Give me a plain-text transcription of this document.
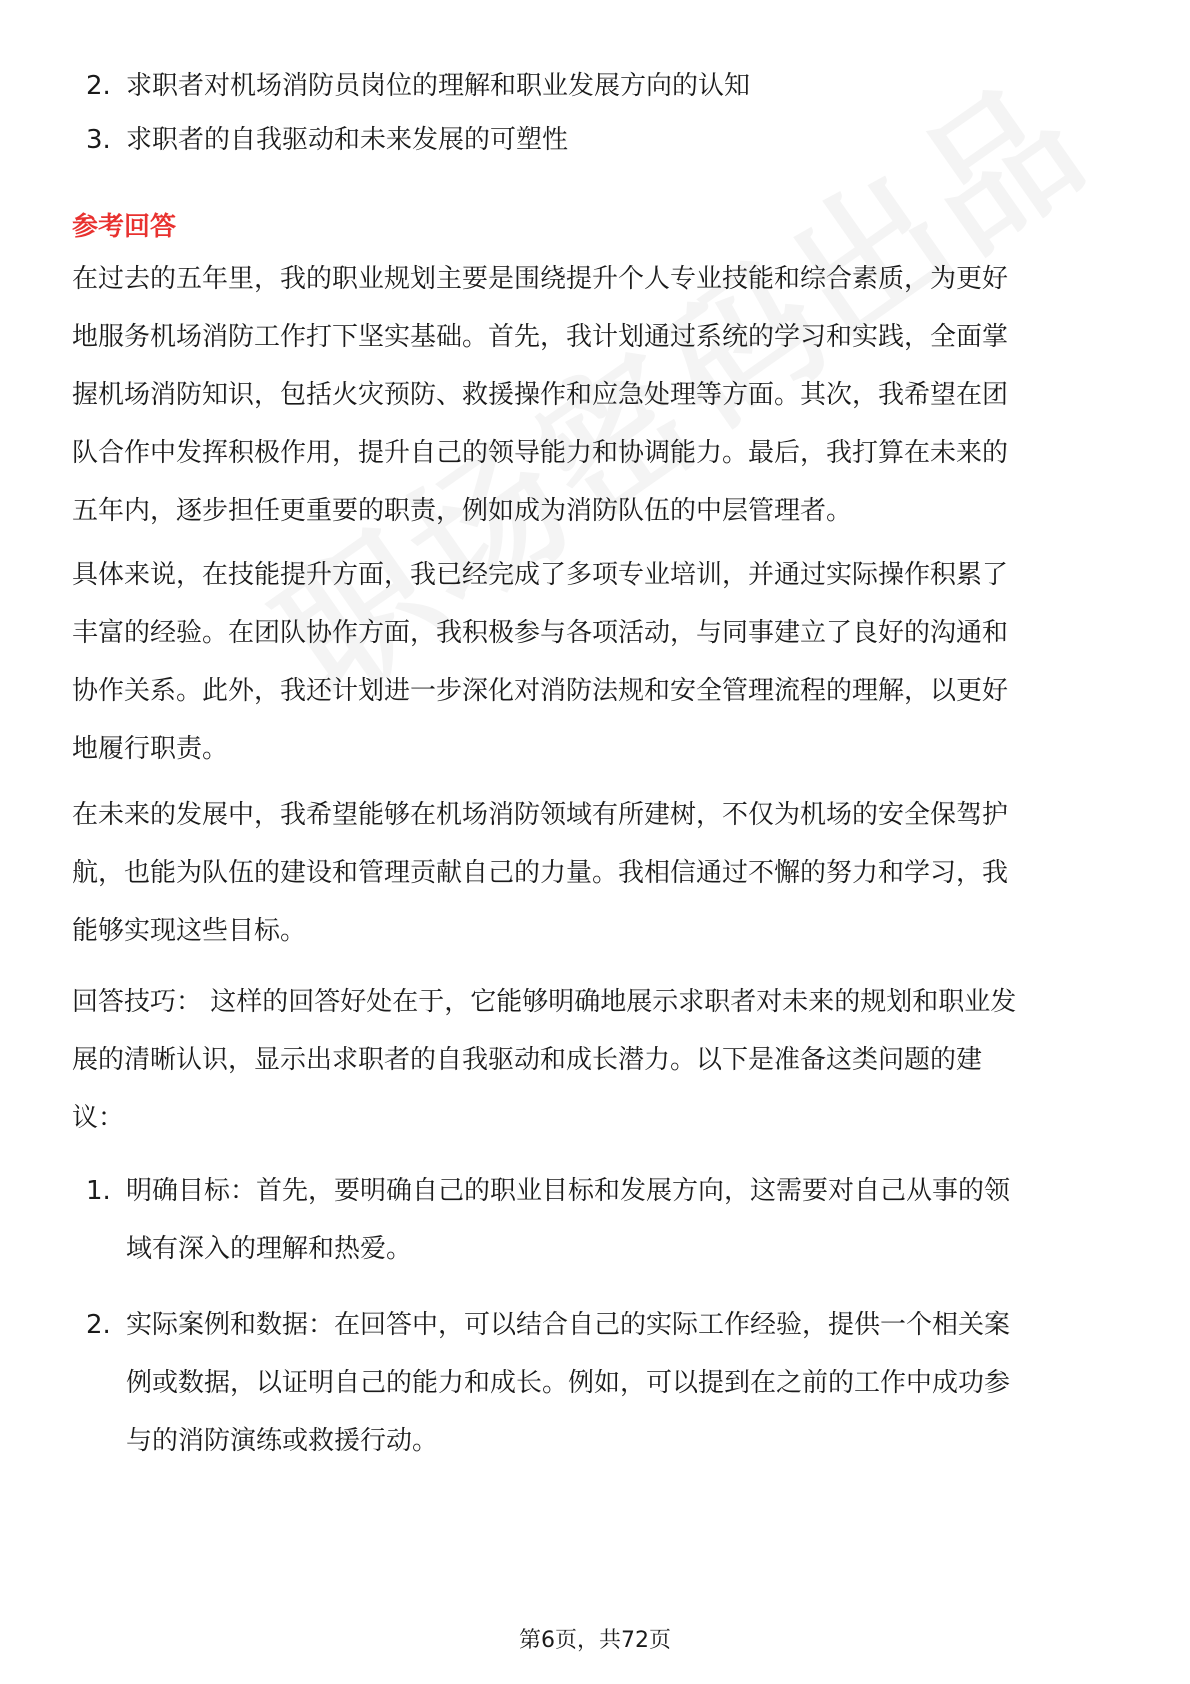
2. 求职者对机场消防员岗位的理解和职业发展方向的认知
3. 求职者的自我驱动和未来发展的可塑性
参考回答
在过去的五年里，我的职业规划主要是围绕提升个人专业技能和综合素质，为更好
地服务机场消防工作打下坚实基础。首先，我计划通过系统的学习和实践，全面掌
握机场消防知识，包括火灾预防、救援操作和应急处理等方面。其次，我希望在团
队合作中发挥积极作用，提升自己的领导能力和协调能力。最后，我打算在未来的
五年内，逐步担任更重要的职责，例如成为消防队伍的中层管理者。
具体来说，在技能提升方面，我已经完成了多项专业培训，并通过实际操作积累了
丰富的经验。在团队协作方面，我积极参与各项活动，与同事建立了良好的沟通和
协作关系。此外，我还计划进一步深化对消防法规和安全管理流程的理解，以更好
地履行职责。
在未来的发展中，我希望能够在机场消防领域有所建树，不仅为机场的安全保驾护
航，也能为队伍的建设和管理贡献自己的力量。我相信通过不懈的努力和学习，我
能够实现这些目标。
回答技巧： 这样的回答好处在于，它能够明确地展示求职者对未来的规划和职业发
展的清晰认识，显示出求职者的自我驱动和成长潜力。以下是准备这类问题的建
议：
1. 明确目标：首先，要明确自己的职业目标和发展方向，这需要对自己从事的领
域有深入的理解和热爱。
2. 实际案例和数据：在回答中，可以结合自己的实际工作经验，提供一个相关案
例或数据，以证明自己的能力和成长。例如，可以提到在之前的工作中成功参
与的消防演练或救援行动。
第6页，共72页
